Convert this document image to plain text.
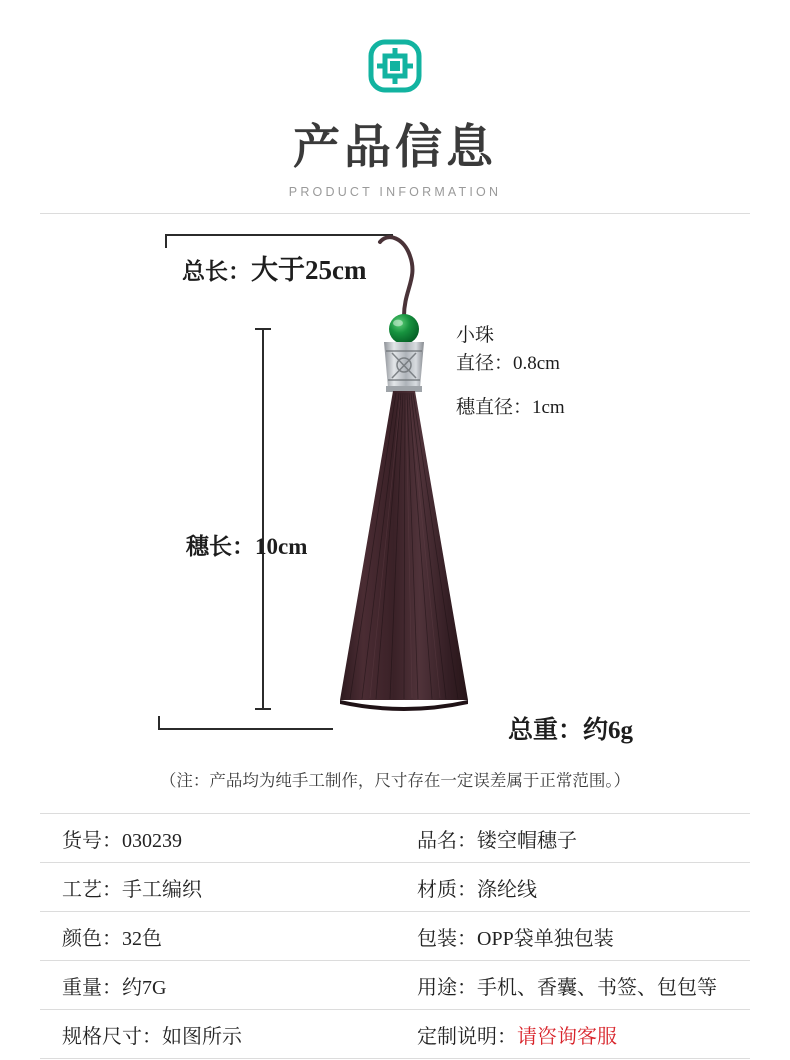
产品信息
PRODUCT INFORMATION
总长：大于25cm
穗长：10cm
小珠
直径：0.8cm
穗直径：1cm
总重：约6g
（注：产品均为纯手工制作，尺寸存在一定误差属于正常范围。）
货号：030239	品名：镂空帽穗子
工艺：手工编织	材质：涤纶线
颜色：32色	包装：OPP袋单独包装
重量：约7G	用途：手机、香囊、书签、包包等
规格尺寸：如图所示	定制说明：请咨询客服
